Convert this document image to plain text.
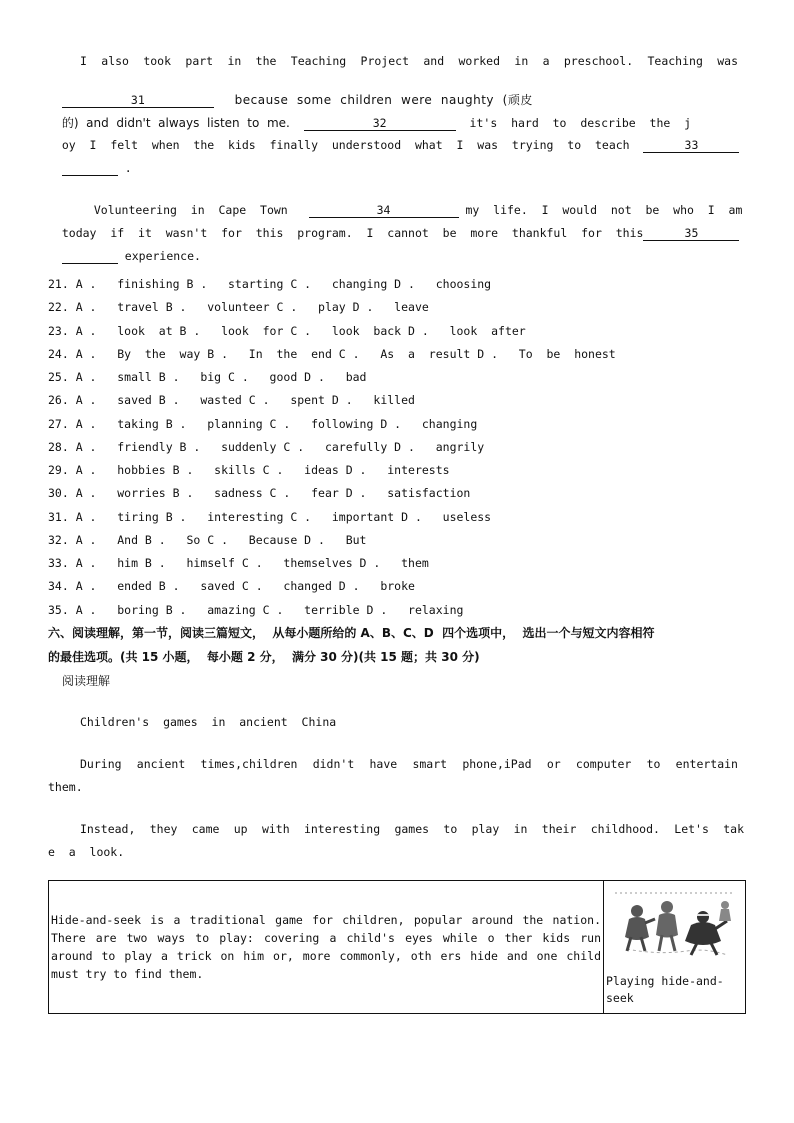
I also took part in the Teaching Project and worked in a preschool. Teaching was

31	because  some  children  were  naughty  (顽皮

的)  and  didn't  always  listen  to  me.	32	it's  hard  to  describe  the  j

oy  I  felt  when  the  kids  finally  understood  what  I  was  trying  to  teach	33

.

Volunteering  in  Cape  Town	34	my  life.  I  would  not  be  who  I  am

today  if  it  wasn't  for  this  program.  I  cannot  be  more  thankful  for  this	35

experience.

21. A .   finishing B .   starting C .   changing D .   choosing
22. A .   travel B .   volunteer C .   play D .   leave
23. A .   look  at B .   look  for C .   look  back D .   look  after
24. A .   By  the  way B .   In  the  end C .   As  a  result D .   To  be  honest
25. A .   small B .   big C .   good D .   bad
26. A .   saved B .   wasted C .   spent D .   killed
27. A .   taking B .   planning C .   following D .   changing
28. A .   friendly B .   suddenly C .   carefully D .   angrily
29. A .   hobbies B .   skills C .   ideas D .   interests
30. A .   worries B .   sadness C .   fear D .   satisfaction
31. A .   tiring B .   interesting C .   important D .   useless
32. A .   And B .   So C .   Because D .   But
33. A .   him B .   himself C .   themselves D .   them
34. A .   ended B .   saved C .   changed D .   broke
35. A .   boring B .   amazing C .   terrible D .   relaxing
六、阅读理解，第一节，阅读三篇短文，  从每小题所给的 A、B、C、D  四个选项中，  选出一个与短文内容相符
的最佳选项。(共 15 小题，  每小题 2 分，  满分 30 分)(共 15 题；共 30 分)
阅读理解
Children's  games  in  ancient  China
During ancient times,children didn't have smart phone,iPad or computer to entertain
them.
Instead, they came up with interesting games to play in their childhood. Let's tak
e  a  look.
Hide-and-seek is a traditional game for children, popular around the nation. There are two ways to play: covering a child's eyes while o ther kids run around to play a trick on him or, more commonly, oth ers hide and one child must try to find them.	Playing hide-and-seek
